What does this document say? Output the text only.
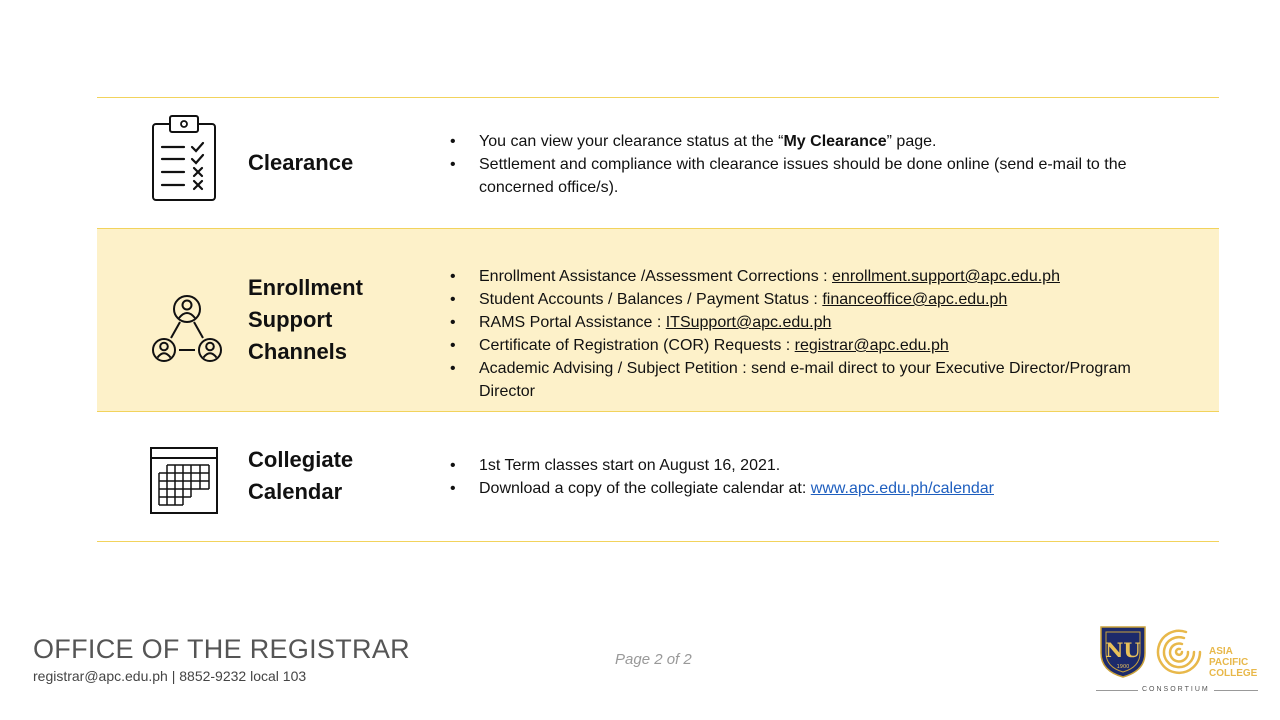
Clearance
• You can view your clearance status at the “My Clearance” page.
• Settlement and compliance with clearance issues should be done online (send e-mail to the concerned office/s).
Enrollment
Support
Channels
• Enrollment Assistance /Assessment Corrections : enrollment.support@apc.edu.ph
• Student Accounts / Balances / Payment Status : financeoffice@apc.edu.ph
• RAMS Portal Assistance : ITSupport@apc.edu.ph
• Certificate of Registration (COR) Requests : registrar@apc.edu.ph
• Academic Advising / Subject Petition : send e-mail direct to your Executive Director/Program Director
Collegiate
Calendar
• 1st Term classes start on August 16, 2021.
• Download a copy of the collegiate calendar at: www.apc.edu.ph/calendar
OFFICE OF THE REGISTRAR
registrar@apc.edu.ph | 8852-9232 local 103
Page 2 of 2	NU
1900
ASIA
PACIFIC
COLLEGE
CONSORTIUM
